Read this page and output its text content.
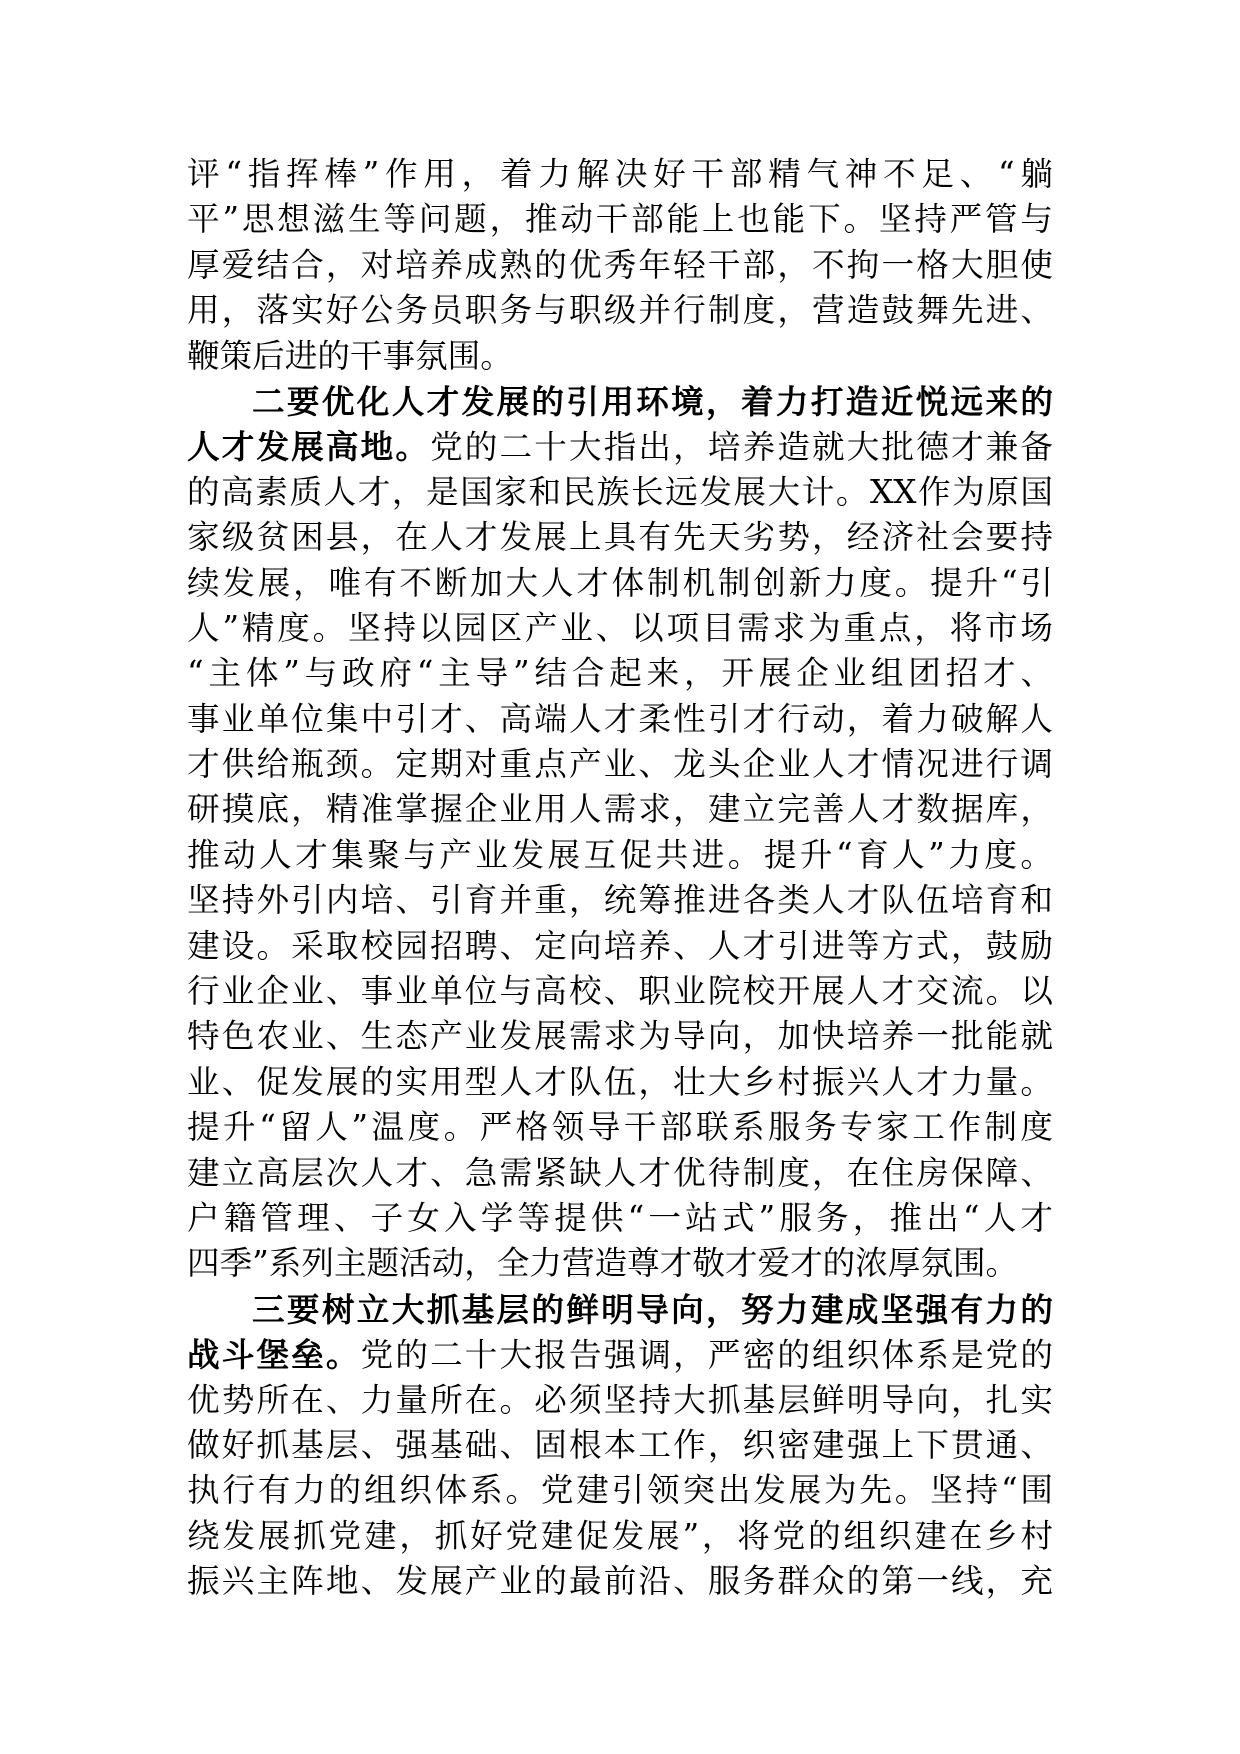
评“指挥棒”作用，着力解决好干部精气神不足、“躺
平”思想滋生等问题，推动干部能上也能下。坚持严管与
厚爱结合，对培养成熟的优秀年轻干部，不拘一格大胆使
用，落实好公务员职务与职级并行制度，营造鼓舞先进、
鞭策后进的干事氛围。
二要优化人才发展的引用环境，着力打造近悦远来的
人才发展高地。党的二十大指出，培养造就大批德才兼备
的高素质人才，是国家和民族长远发展大计。XX作为原国
家级贫困县，在人才发展上具有先天劣势，经济社会要持
续发展，唯有不断加大人才体制机制创新力度。提升“引
人”精度。坚持以园区产业、以项目需求为重点，将市场
“主体”与政府“主导”结合起来，开展企业组团招才、
事业单位集中引才、高端人才柔性引才行动，着力破解人
才供给瓶颈。定期对重点产业、龙头企业人才情况进行调
研摸底，精准掌握企业用人需求，建立完善人才数据库，
推动人才集聚与产业发展互促共进。提升“育人”力度。
坚持外引内培、引育并重，统筹推进各类人才队伍培育和
建设。采取校园招聘、定向培养、人才引进等方式，鼓励
行业企业、事业单位与高校、职业院校开展人才交流。以
特色农业、生态产业发展需求为导向，加快培养一批能就
业、促发展的实用型人才队伍，壮大乡村振兴人才力量。
提升“留人”温度。严格领导干部联系服务专家工作制度
建立高层次人才、急需紧缺人才优待制度，在住房保障、
户籍管理、子女入学等提供“一站式”服务，推出“人才
四季”系列主题活动，全力营造尊才敬才爱才的浓厚氛围。
三要树立大抓基层的鲜明导向，努力建成坚强有力的
战斗堡垒。党的二十大报告强调，严密的组织体系是党的
优势所在、力量所在。必须坚持大抓基层鲜明导向，扎实
做好抓基层、强基础、固根本工作，织密建强上下贯通、
执行有力的组织体系。党建引领突出发展为先。坚持“围
绕发展抓党建，抓好党建促发展”，将党的组织建在乡村
振兴主阵地、发展产业的最前沿、服务群众的第一线，充
